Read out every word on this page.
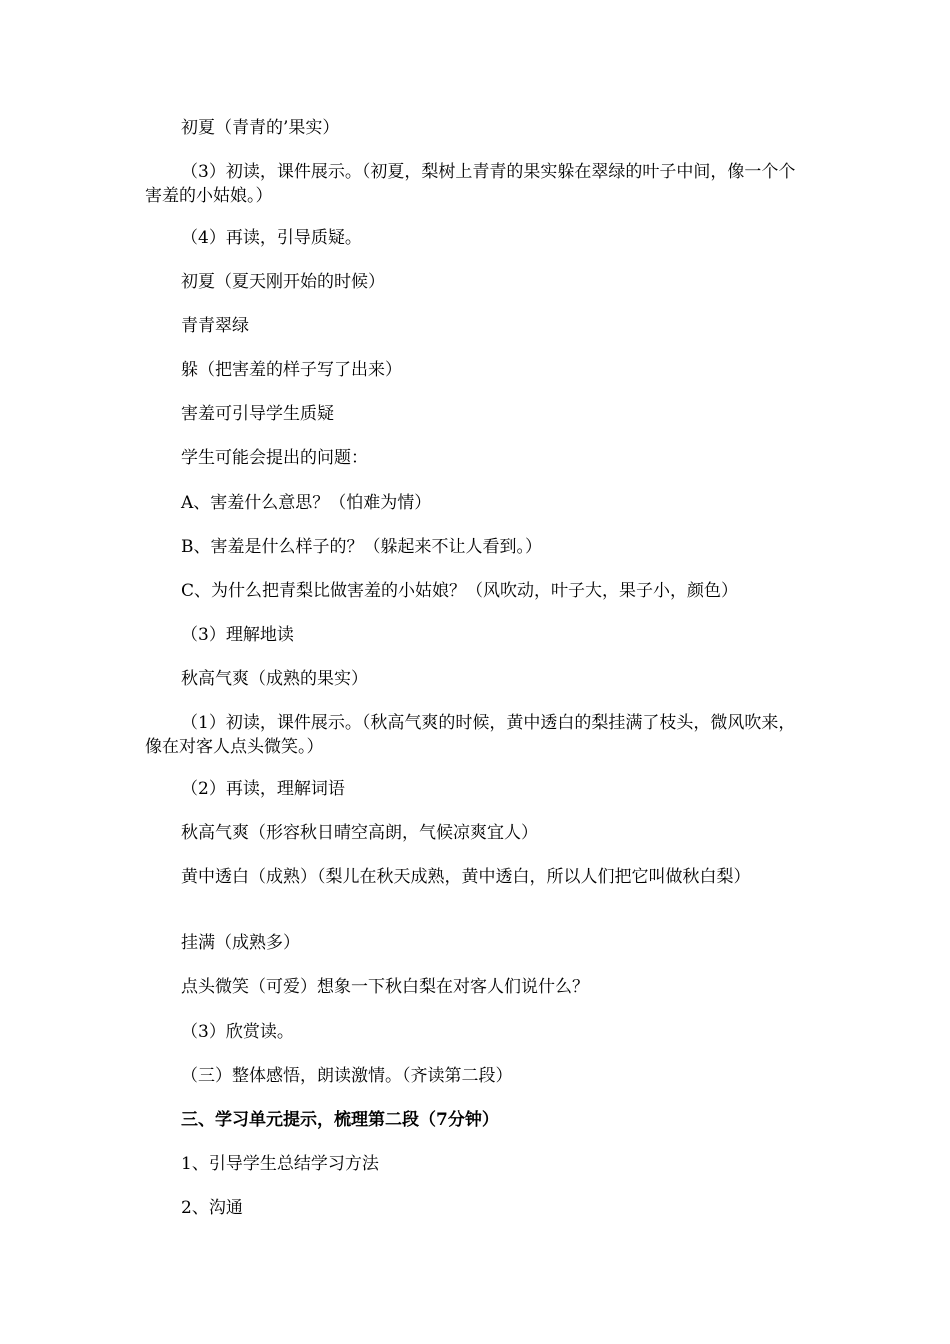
初夏（青青的’果实）

（3）初读，课件展示。（初夏，梨树上青青的果实躲在翠绿的叶子中间，像一个个害羞的小姑娘。）

（4）再读，引导质疑。

初夏（夏天刚开始的时候）

青青翠绿

躲（把害羞的样子写了出来）

害羞可引导学生质疑

学生可能会提出的问题：

A、害羞什么意思？（怕难为情）

B、害羞是什么样子的？（躲起来不让人看到。）

C、为什么把青梨比做害羞的小姑娘？（风吹动，叶子大，果子小，颜色）

（3）理解地读

秋高气爽（成熟的果实）

（1）初读，课件展示。（秋高气爽的时候，黄中透白的梨挂满了枝头，微风吹来，像在对客人点头微笑。）

（2）再读，理解词语

秋高气爽（形容秋日晴空高朗，气候凉爽宜人）

黄中透白（成熟）（梨儿在秋天成熟，黄中透白，所以人们把它叫做秋白梨）

挂满（成熟多）

点头微笑（可爱）想象一下秋白梨在对客人们说什么？

（3）欣赏读。

（三）整体感悟，朗读激情。（齐读第二段）

三、学习单元提示，梳理第二段（7分钟）

1、引导学生总结学习方法

2、沟通
